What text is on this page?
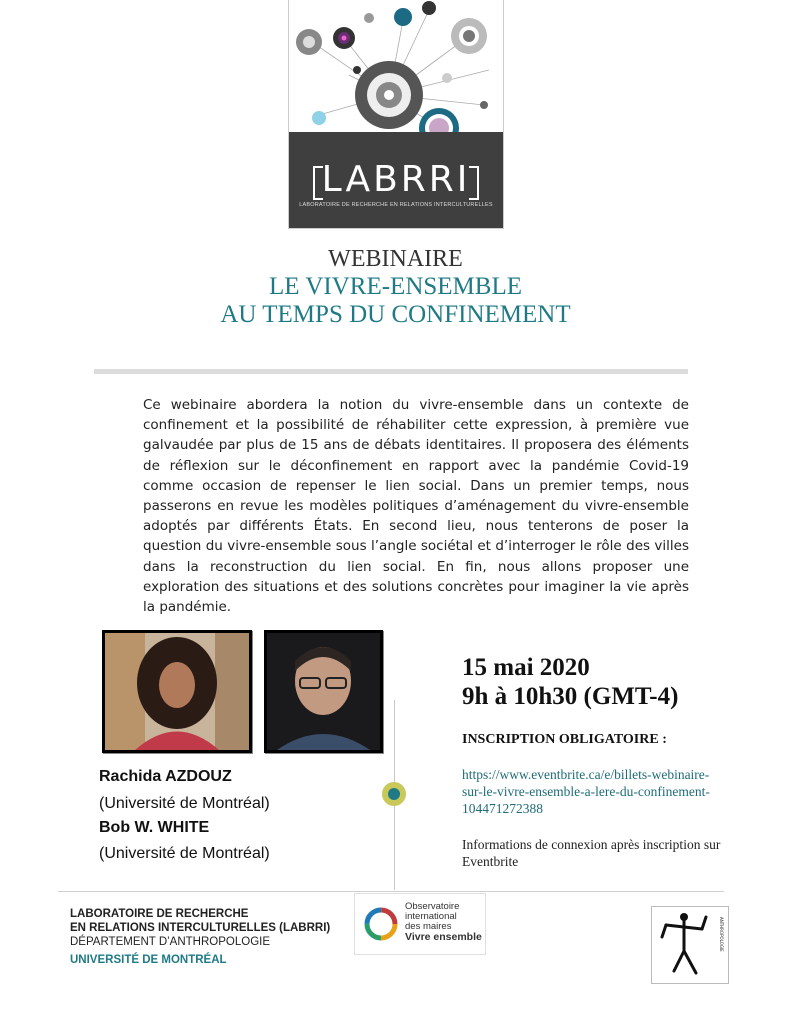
LABRRI
LABORATOIRE DE RECHERCHE EN RELATIONS INTERCULTURELLES
WEBINAIRE
LE VIVRE-ENSEMBLE
AU TEMPS DU CONFINEMENT

Ce webinaire abordera la notion du vivre-ensemble dans un contexte de confinement et la possibilité de réhabiliter cette expression, à première vue galvaudée par plus de 15 ans de débats identitaires. Il proposera des éléments de réflexion sur le déconfinement en rapport avec la pandémie Covid-19 comme occasion de repenser le lien social. Dans un premier temps, nous passerons en revue les modèles politiques d’aménagement du vivre-ensemble adoptés par différents États. En second lieu, nous tenterons de poser la question du vivre-ensemble sous l’angle sociétal et d’interroger le rôle des villes dans la reconstruction du lien social. En fin, nous allons proposer une exploration des situations et des solutions concrètes pour imaginer la vie après la pandémie.

Rachida AZDOUZ
(Université de Montréal)
Bob W. WHITE
(Université de Montréal)
15 mai 2020
9h à 10h30 (GMT-4)
INSCRIPTION OBLIGATOIRE :

https://www.eventbrite.ca/e/billets-webinaire-sur-le-vivre-ensemble-a-lere-du-confinement-104471272388

Informations de connexion après inscription sur Eventbrite

LABORATOIRE DE RECHERCHE
EN RELATIONS INTERCULTURELLES (LABRRI)
DÉPARTEMENT D’ANTHROPOLOGIE
UNIVERSITÉ DE MONTRÉAL
Observatoire
international
des maires
Vivre ensemble	ANTHROPOLOGIE
